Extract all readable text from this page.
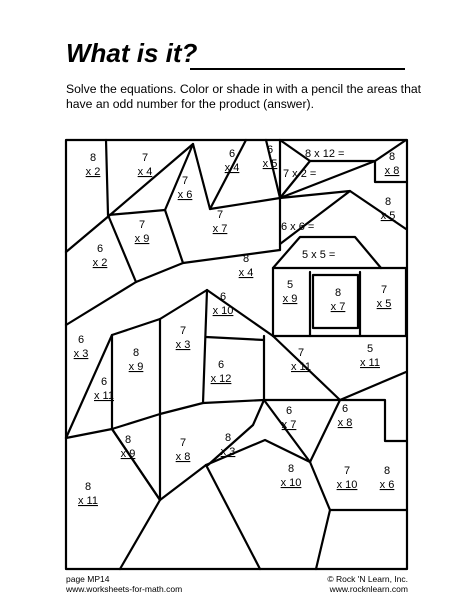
What is it?
Solve the equations. Color or shade in with a pencil the areas that have an odd number for the product (answer).
8
x 2
7
x 4
7
x 6
6
x 4
6
x 5
7
x 9
6
x 2
7
x 7
8
x 8
8
x 5
8
x 4
5
x 9	8
x 7
7
x 5
6
x 10
7
x 3
6
x 3	8
x 9
6
x 11
6
x 12
7
x 11
5
x 11
6
x 7
6
x 8
8
x 9
7
x 8
8
x 3
8
x 10
7
x 10
8
x 6
8
x 11
8 x 12 =
7 x 2 =
6 x 6 =
5 x 5 =
page MP14
www.worksheets-for-math.com
© Rock 'N Learn, Inc.
www.rocknlearn.com
